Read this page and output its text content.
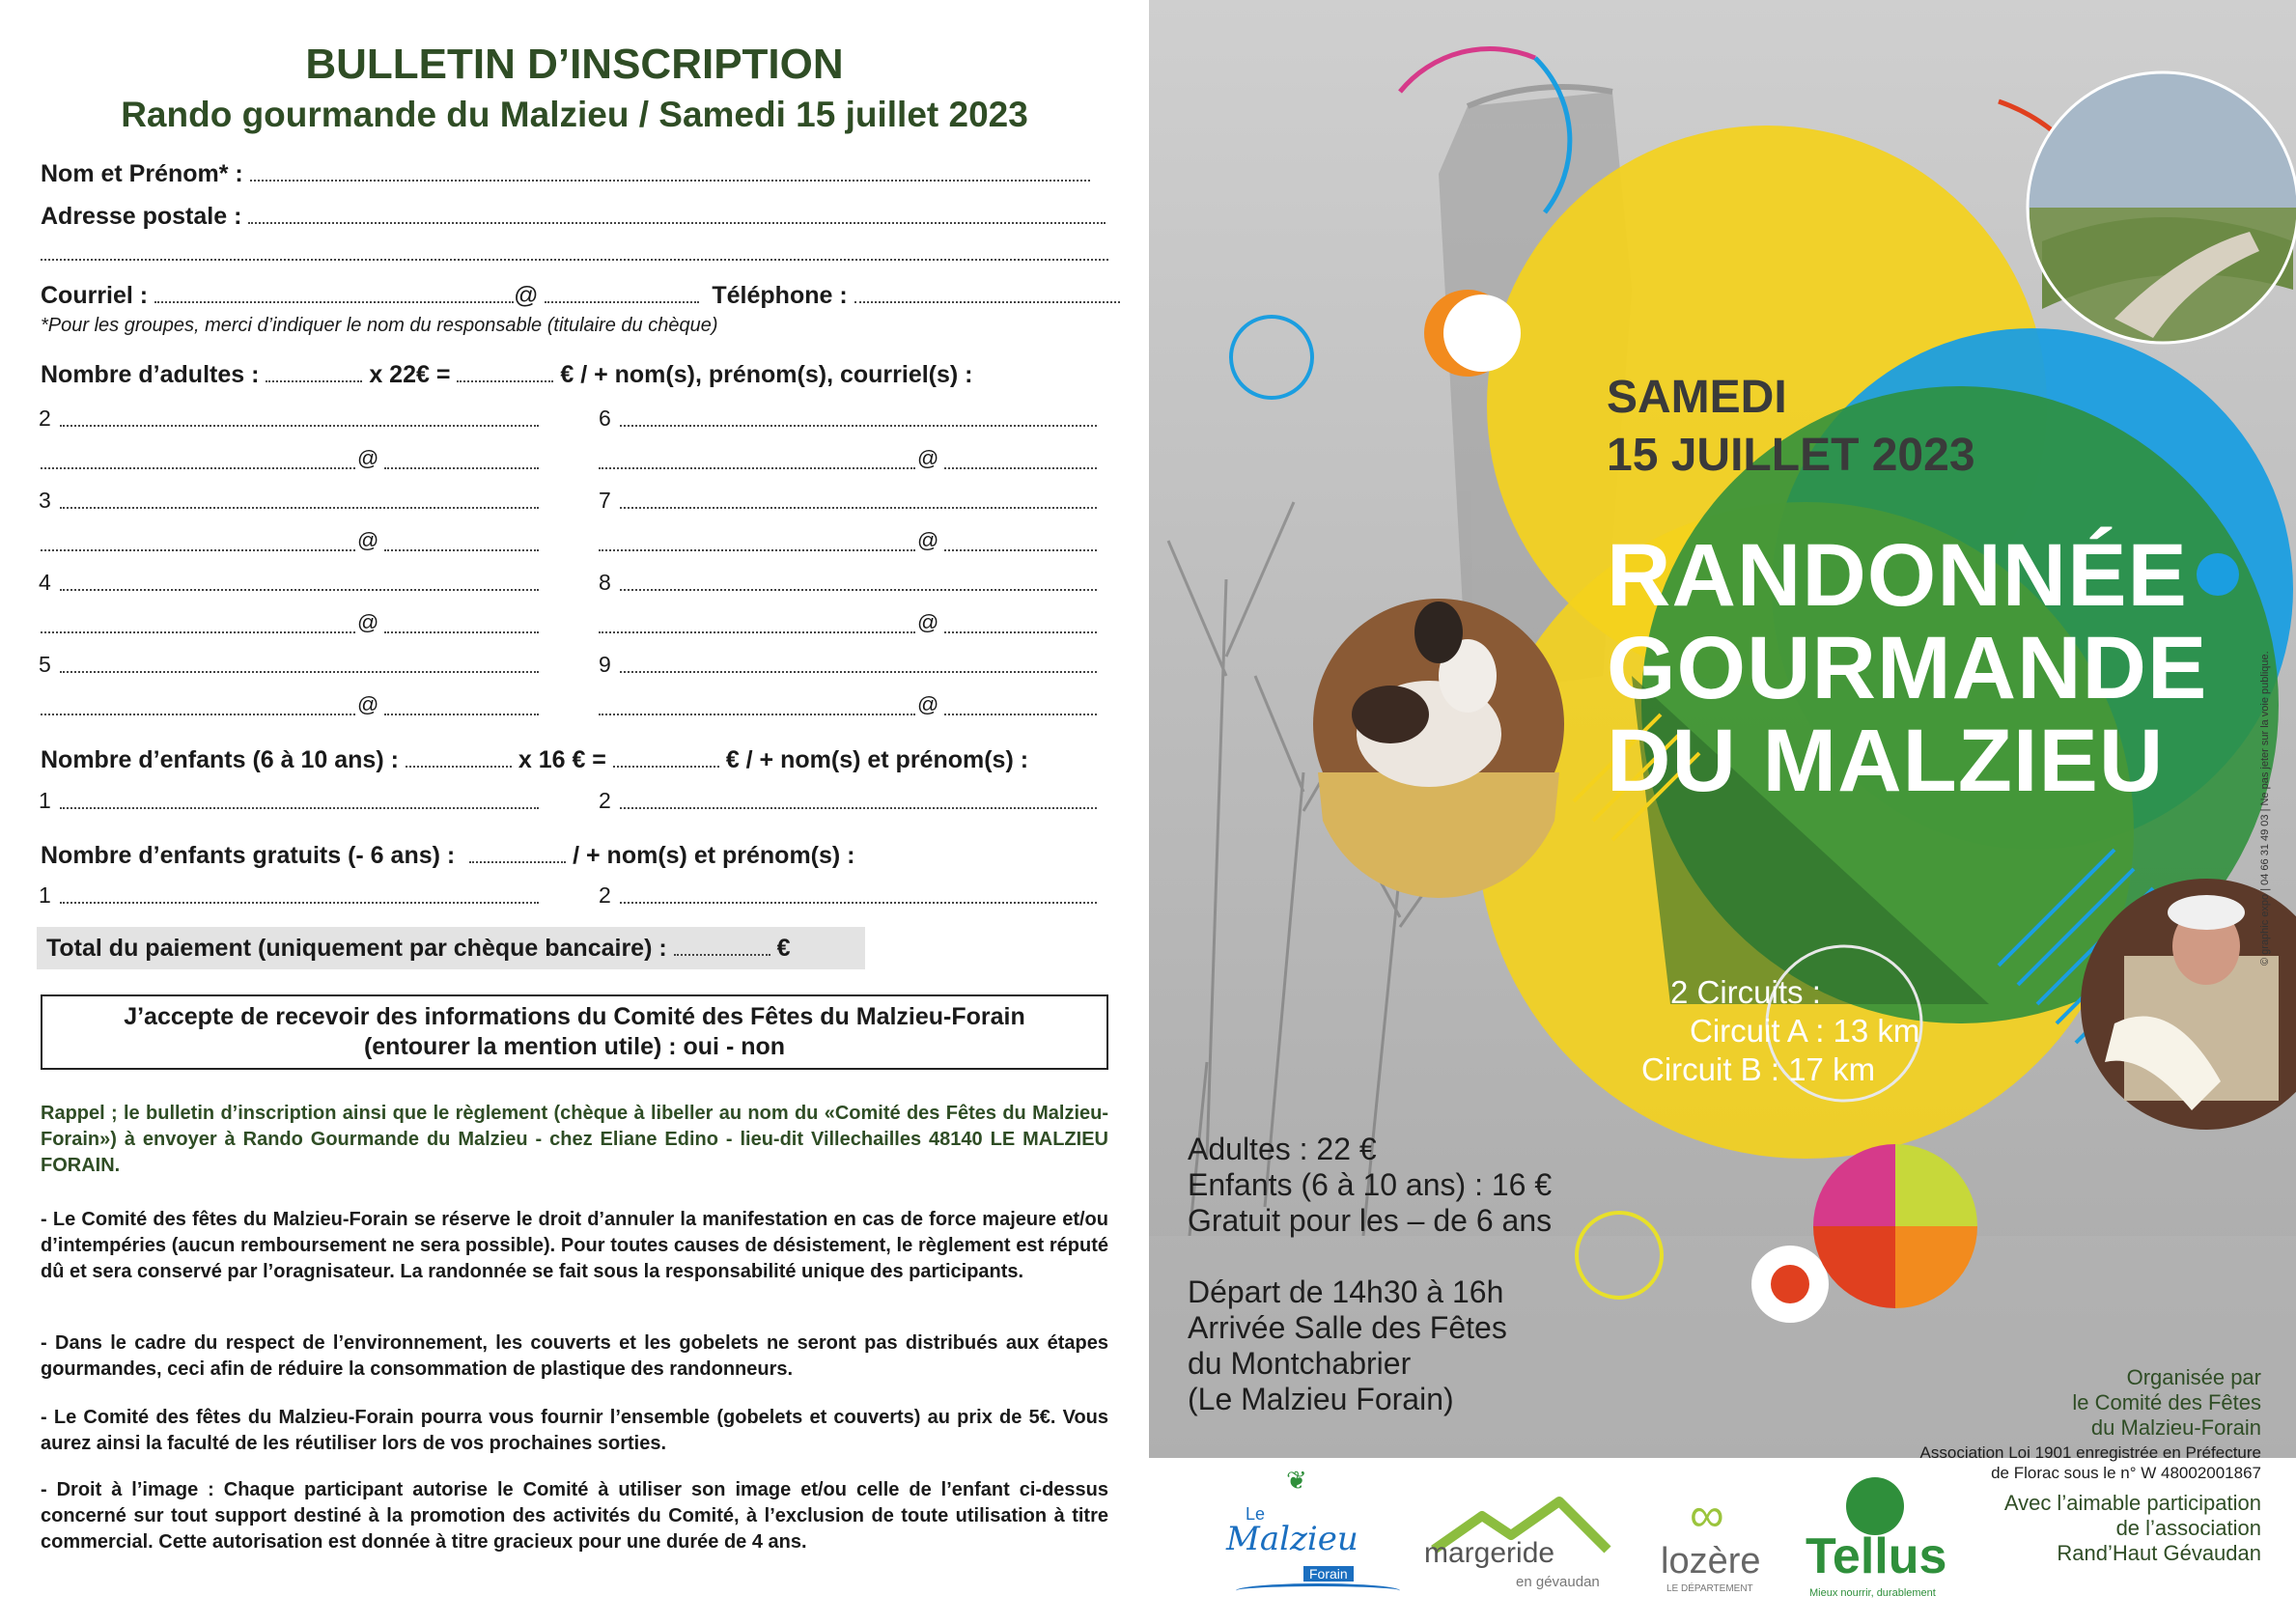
BULLETIN D’INSCRIPTION
Rando gourmande du Malzieu / Samedi 15 juillet 2023
Nom et Prénom* :
Adresse postale :
Courriel :	@	Téléphone :
*Pour les groupes, merci d’indiquer le nom du responsable (titulaire du chèque)
Nombre d’adultes :	x 22€ =	€ / + nom(s), prénom(s), courriel(s) :
2
@
3
@
4
@
5
@
6
@
7
@
8
@
9
@
Nombre d’enfants (6 à 10 ans) :	x 16 € =	€ / + nom(s) et prénom(s) :
1	2
Nombre d’enfants gratuits (- 6 ans) :	/ + nom(s) et prénom(s) :
1	2
Total du paiement (uniquement par chèque bancaire) :	€
J’accepte de recevoir des informations du Comité des Fêtes du Malzieu-Forain
(entourer la mention utile) : oui - non
Rappel ; le bulletin d’inscription ainsi que le règlement (chèque à libeller au nom du «Comité des Fêtes du Malzieu-Forain») à envoyer à Rando Gourmande du Malzieu - chez Eliane Edino - lieu-dit Villechailles 48140 LE MALZIEU FORAIN.
- Le Comité des fêtes du Malzieu-Forain se réserve le droit d’annuler la manifestation en cas de force majeure et/ou d’intempéries (aucun remboursement ne sera possible). Pour toutes causes de désistement, le règlement est réputé dû et sera conservé par l’oragnisateur. La randonnée se fait sous la responsabilité unique des participants.
- Dans le cadre du respect de l’environnement, les couverts et les gobelets ne seront pas distribués aux étapes gourmandes, ceci afin de réduire la consommation de plastique des randonneurs.
- Le Comité des fêtes du Malzieu-Forain pourra vous fournir l’ensemble (gobelets et couverts) au prix de 5€. Vous aurez ainsi la faculté de les réutiliser lors de vos prochaines sorties.
- Droit à l’image : Chaque participant autorise le Comité à utiliser son image et/ou celle de l’enfant ci-dessus concerné sur tout support destiné à la promotion des activités du Comité, à l’exclusion de toute utilisation à titre commercial. Cette autorisation est donnée à titre gracieux pour une durée de 4 ans.
SAMEDI
15 JUILLET 2023
RANDONNÉE
GOURMANDE
DU MALZIEU
2 Circuits :
Circuit A : 13 km
Circuit B : 17 km
Adultes : 22 €
Enfants (6 à 10 ans) : 16 €
Gratuit pour les – de 6 ans
Départ de 14h30 à 16h
Arrivée Salle des Fêtes
du Montchabrier
(Le Malzieu Forain)
Organisée par
le Comité des Fêtes
du Malzieu-Forain
Association Loi 1901 enregistrée en Préfecture
de Florac sous le n° W 48002001867
© graphic expo | 04 66 31 49 03 | Ne pas jeter sur la voie publique.
Avec l’aimable participation
de l’association
Rand’Haut Gévaudan
❦
Le
Malzieu
Forain
margeride
en gévaudan
∞
lozère
LE DÉPARTEMENT
Tellus
Mieux nourrir, durablement
